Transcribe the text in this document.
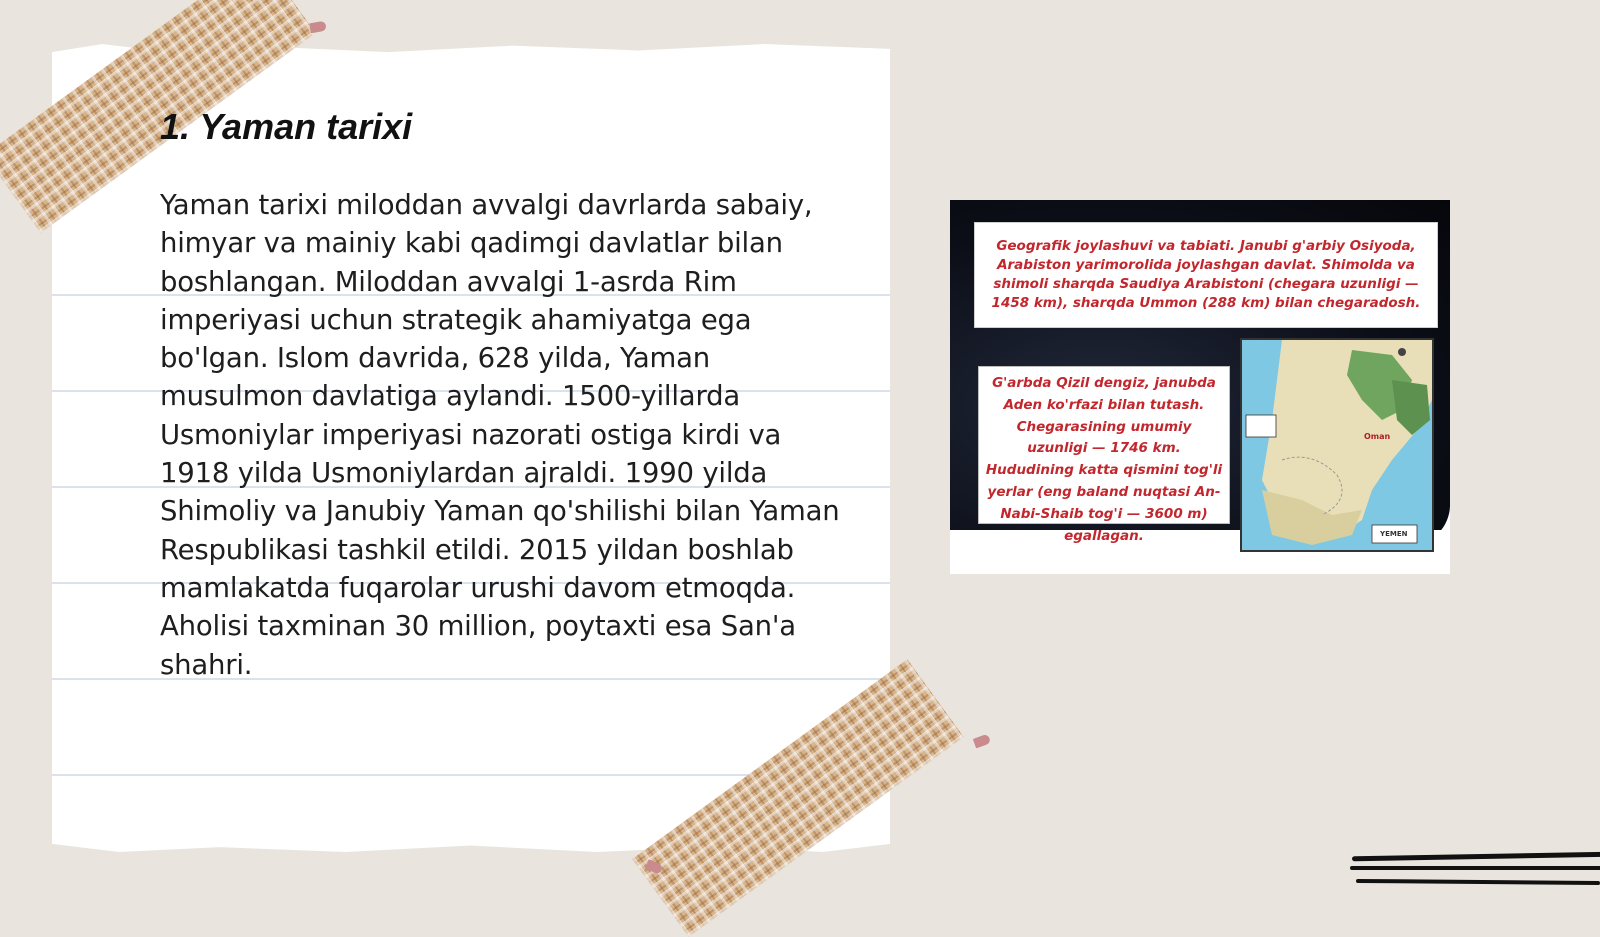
1. Yaman tarixi

Yaman tarixi miloddan avvalgi davrlarda sabaiy, himyar va mainiy kabi qadimgi davlatlar bilan boshlangan. Miloddan avvalgi 1-asrda Rim imperiyasi uchun strategik ahamiyatga ega bo'lgan. Islom davrida, 628 yilda, Yaman musulmon davlatiga aylandi. 1500-yillarda Usmoniylar imperiyasi nazorati ostiga kirdi va 1918 yilda Usmoniylardan ajraldi. 1990 yilda Shimoliy va Janubiy Yaman qo'shilishi bilan Yaman Respublikasi tashkil etildi. 2015 yildan boshlab mamlakatda fuqarolar urushi davom etmoqda. Aholisi taxminan 30 million, poytaxti esa San'a shahri.

Geografik joylashuvi va tabiati. Janubi g'arbiy Osiyoda, Arabiston yarimorolida joylashgan davlat. Shimolda va shimoli sharqda Saudiya Arabistoni (chegara uzunligi — 1458 km), sharqda Ummon (288 km) bilan chegaradosh.

G'arbda Qizil dengiz, janubda Aden ko'rfazi bilan tutash. Chegarasining umumiy uzunligi — 1746 km. Hududining katta qismini tog'li yerlar (eng baland nuqtasi An-Nabi-Shaib tog'i — 3600 m) egallagan.

Oman
YEMEN
